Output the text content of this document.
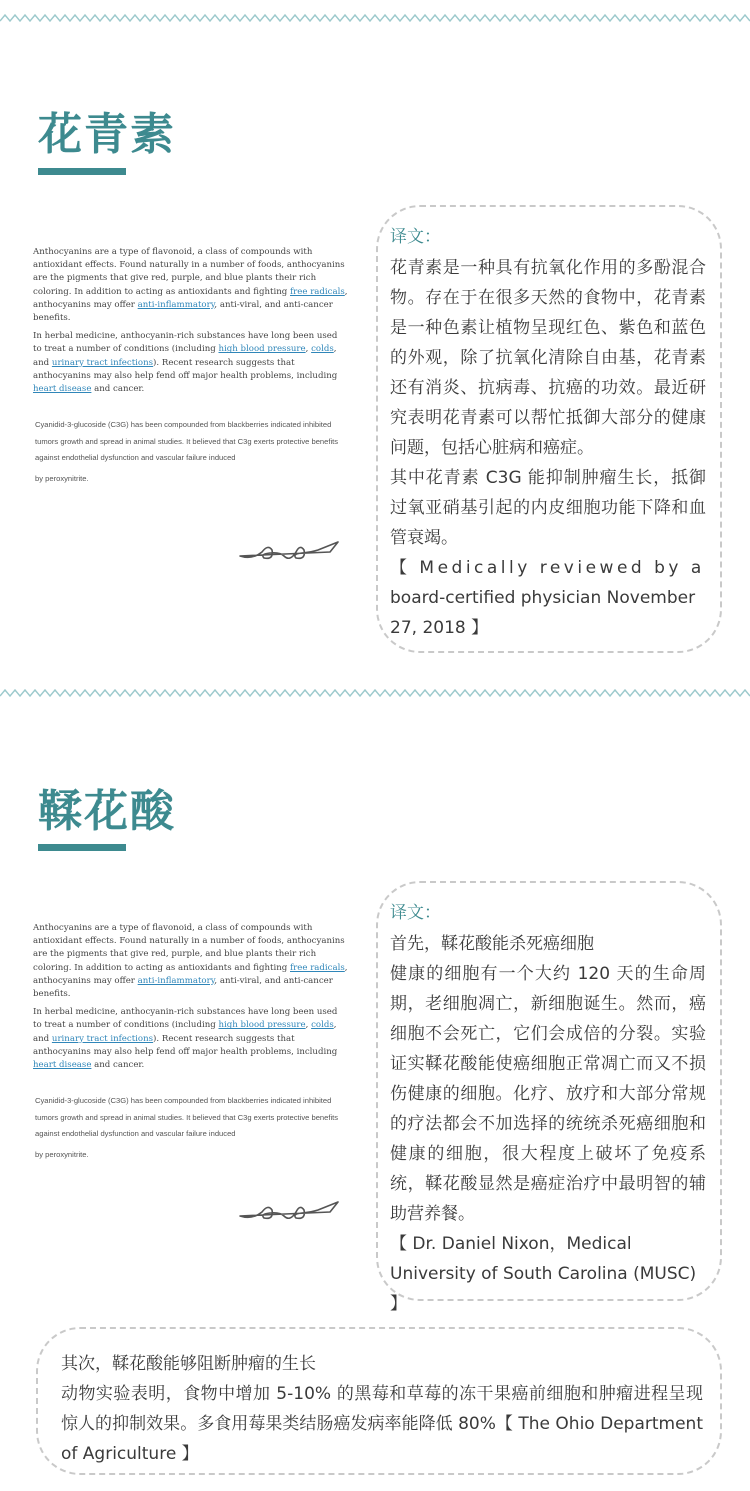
花青素

Anthocyanins are a type of flavonoid, a class of compounds with antioxidant effects. Found naturally in a number of foods, anthocyanins are the pigments that give red, purple, and blue plants their rich coloring. In addition to acting as antioxidants and fighting free radicals, anthocyanins may offer anti-inflammatory, anti-viral, and anti-cancer benefits.

In herbal medicine, anthocyanin-rich substances have long been used to treat a number of conditions (including high blood pressure, colds, and urinary tract infections). Recent research suggests that anthocyanins may also help fend off major health problems, including heart disease and cancer.

Cyanidid-3-glucoside (C3G) has been compounded from blackberries indicated inhibited tumors growth and spread in animal studies. It believed that C3g exerts protective benefits against endothelial dysfunction and vascular failure induced

by peroxynitrite.

译文：

花青素是一种具有抗氧化作用的多酚混合物。存在于在很多天然的食物中，花青素是一种色素让植物呈现红色、紫色和蓝色的外观，除了抗氧化清除自由基，花青素还有消炎、抗病毒、抗癌的功效。最近研究表明花青素可以帮忙抵御大部分的健康问题，包括心脏病和癌症。

其中花青素 C3G 能抑制肿瘤生长，抵御过氧亚硝基引起的内皮细胞功能下降和血管衰竭。

【 Medically reviewed by a

board-certified physician November 27, 2018 】

鞣花酸

Anthocyanins are a type of flavonoid, a class of compounds with antioxidant effects. Found naturally in a number of foods, anthocyanins are the pigments that give red, purple, and blue plants their rich coloring. In addition to acting as antioxidants and fighting free radicals, anthocyanins may offer anti-inflammatory, anti-viral, and anti-cancer benefits.

In herbal medicine, anthocyanin-rich substances have long been used to treat a number of conditions (including high blood pressure, colds, and urinary tract infections). Recent research suggests that anthocyanins may also help fend off major health problems, including heart disease and cancer.

Cyanidid-3-glucoside (C3G) has been compounded from blackberries indicated inhibited tumors growth and spread in animal studies. It believed that C3g exerts protective benefits against endothelial dysfunction and vascular failure induced

by peroxynitrite.

译文：

首先，鞣花酸能杀死癌细胞

健康的细胞有一个大约 120 天的生命周期，老细胞凋亡，新细胞诞生。然而，癌细胞不会死亡，它们会成倍的分裂。实验证实鞣花酸能使癌细胞正常凋亡而又不损伤健康的细胞。化疗、放疗和大部分常规的疗法都会不加选择的统统杀死癌细胞和健康的细胞，很大程度上破坏了免疫系统，鞣花酸显然是癌症治疗中最明智的辅助营养餐。

【 Dr. Daniel Nixon，Medical University of South Carolina (MUSC) 】

其次，鞣花酸能够阻断肿瘤的生长

动物实验表明，食物中增加 5-10% 的黑莓和草莓的冻干果癌前细胞和肿瘤进程呈现惊人的抑制效果。多食用莓果类结肠癌发病率能降低 80%【 The Ohio Department of Agriculture 】
